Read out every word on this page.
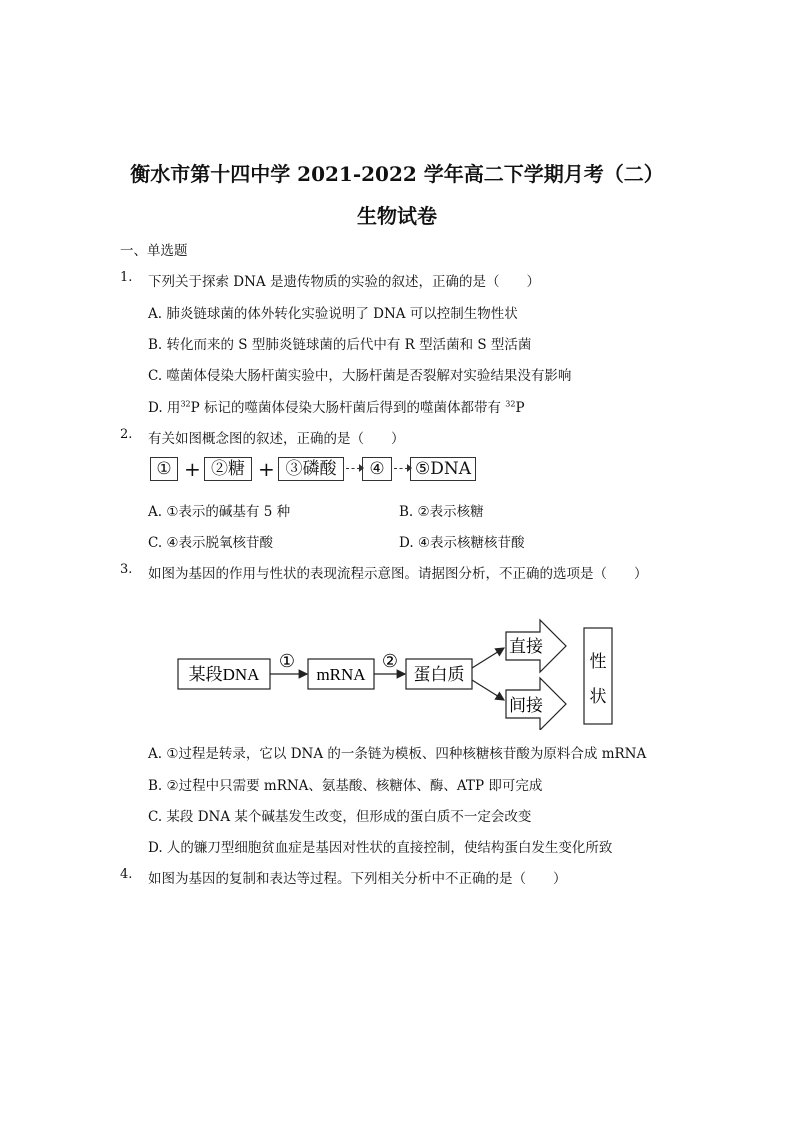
衡水市第十四中学 2021-2022 学年高二下学期月考（二）
生物试卷
一、单选题
1. 下列关于探索 DNA 是遗传物质的实验的叙述，正确的是（　　）
A. 肺炎链球菌的体外转化实验说明了 DNA 可以控制生物性状
B. 转化而来的 S 型肺炎链球菌的后代中有 R 型活菌和 S 型活菌
C. 噬菌体侵染大肠杆菌实验中，大肠杆菌是否裂解对实验结果没有影响
D. 用$^{32}$P 标记的噬菌体侵染大肠杆菌后得到的噬菌体都带有 $^{32}$P
2. 有关如图概念图的叙述，正确的是（　　）
① + ②糖 + ③磷酸	④	⑤DNA
A. ①表示的碱基有 5 种	B. ②表示核糖
C. ④表示脱氧核苷酸	D. ④表示核糖核苷酸
3. 如图为基因的作用与性状的表现流程示意图。请据图分析，不正确的选项是（　　）
某段DNA
①
mRNA
②
蛋白质
直接
间接
性
状
A. ①过程是转录，它以 DNA 的一条链为模板、四种核糖核苷酸为原料合成 mRNA
B. ②过程中只需要 mRNA、氨基酸、核糖体、酶、ATP 即可完成
C. 某段 DNA 某个碱基发生改变，但形成的蛋白质不一定会改变
D. 人的镰刀型细胞贫血症是基因对性状的直接控制，使结构蛋白发生变化所致
4. 如图为基因的复制和表达等过程。下列相关分析中不正确的是（　　）
